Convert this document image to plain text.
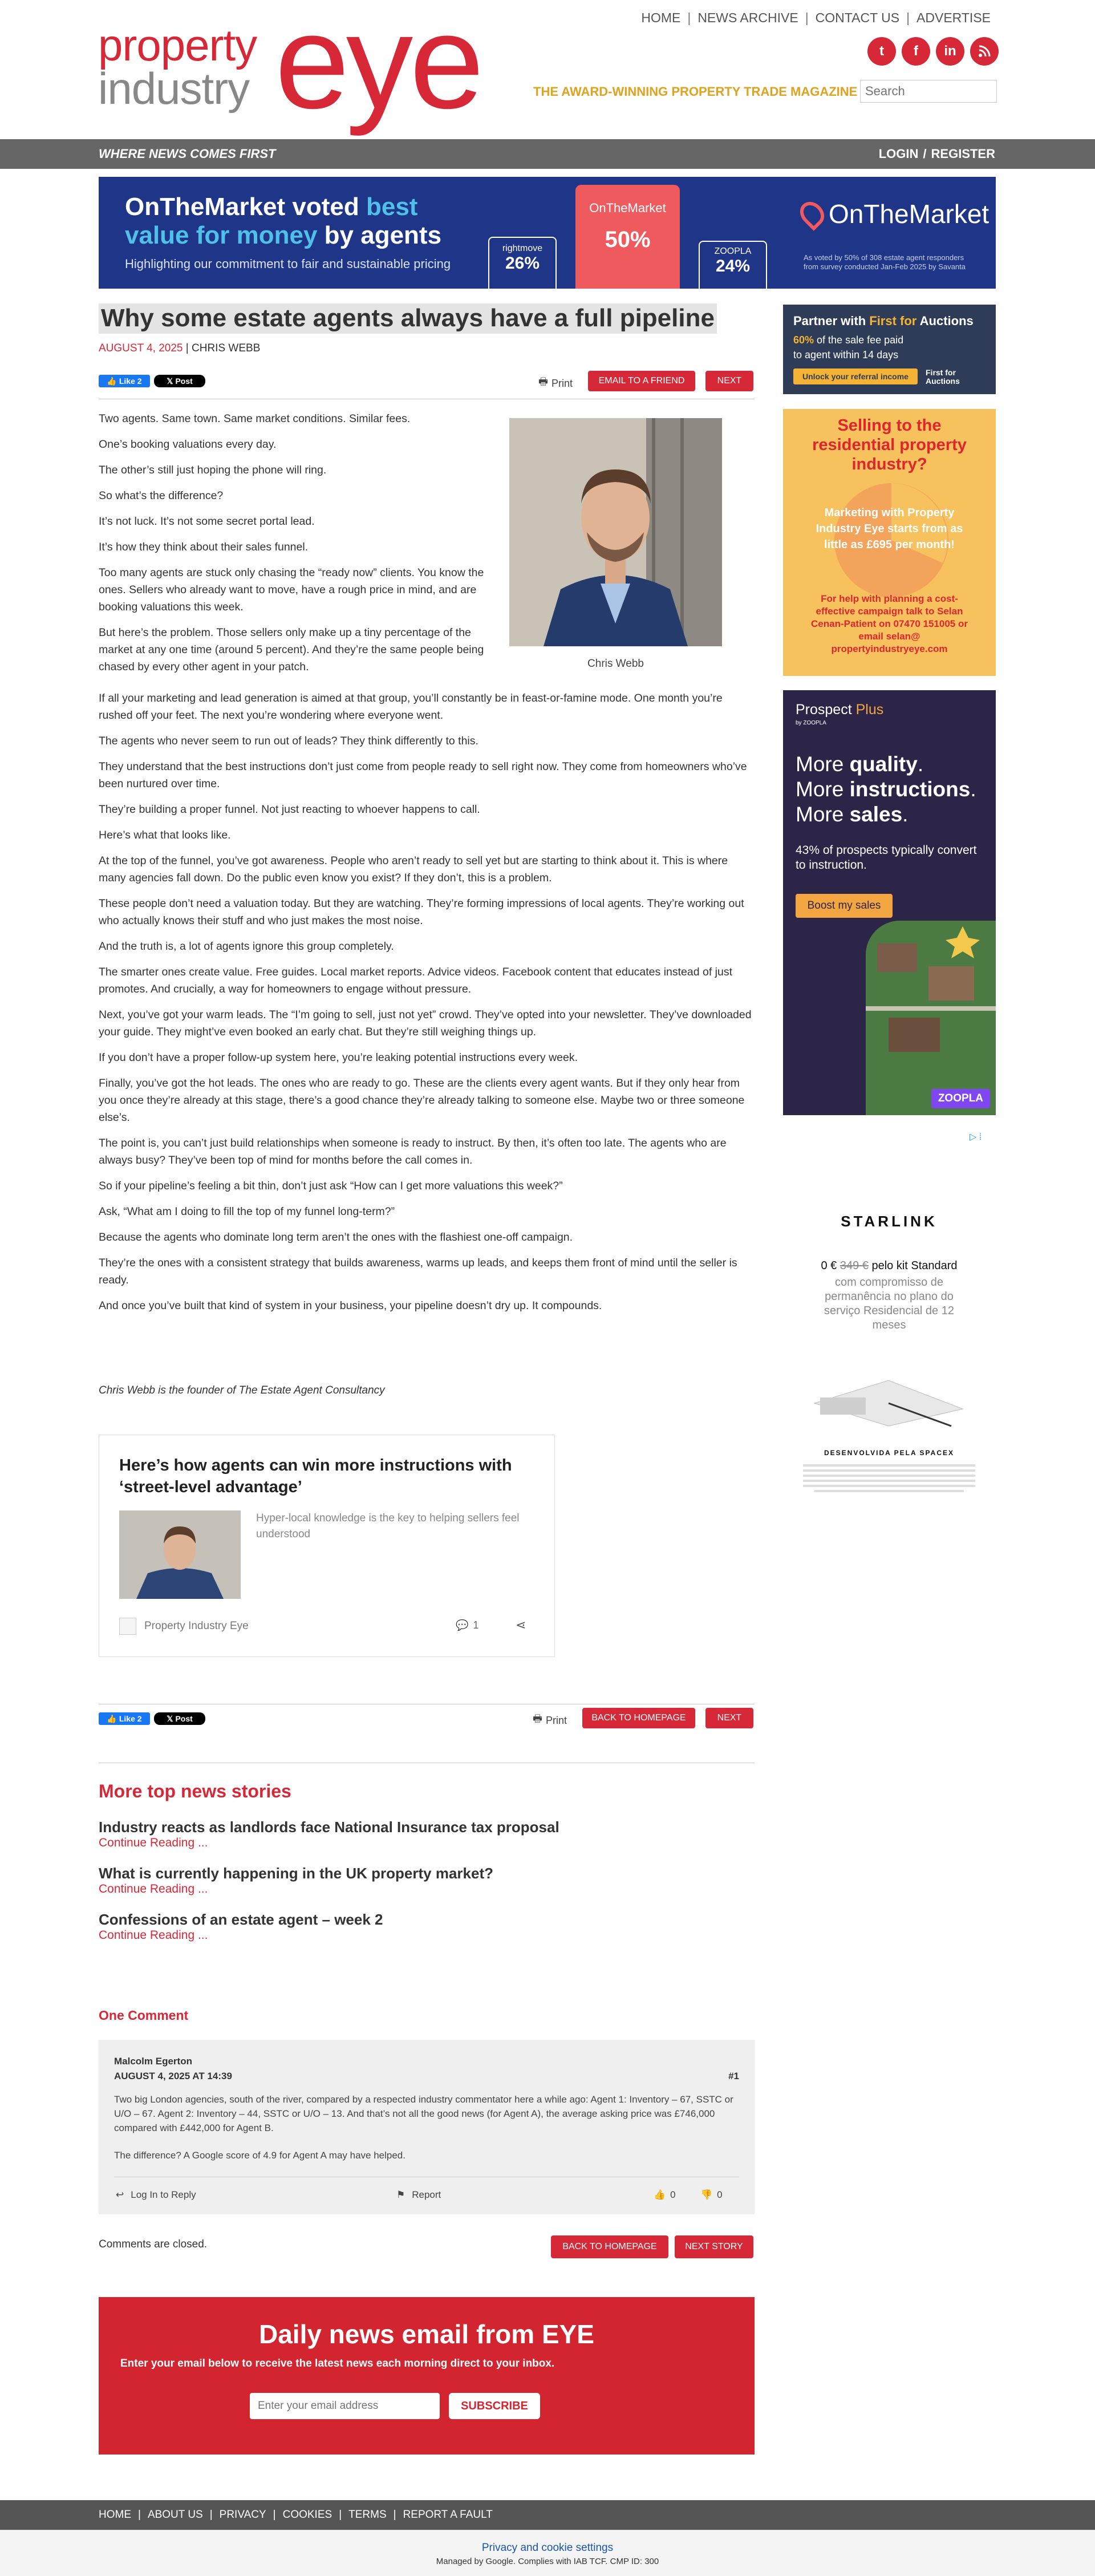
property
industry eye	HOME | NEWS ARCHIVE | CONTACT US | ADVERTISE
t	f	in
THE AWARD-WINNING PROPERTY TRADE MAGAZINE
Search
WHERE NEWS COMES FIRST	LOGIN / REGISTER
OnTheMarket voted best
value for money by agents
Highlighting our commitment to fair and sustainable pricing
rightmove
26%
OnTheMarket
50%	ZOOPLA
24%
OnTheMarket
As voted by 50% of 308 estate agent responders from survey conducted Jan-Feb 2025 by Savanta
Why some estate agents always have a full pipeline
AUGUST 4, 2025 | CHRIS WEBB
👍 Like 2	𝕏 Post	🖶 Print	EMAIL TO A FRIEND	NEXT
Chris Webb

Two agents. Same town. Same market conditions. Similar fees.

One’s booking valuations every day.

The other’s still just hoping the phone will ring.

So what’s the difference?

It’s not luck. It’s not some secret portal lead.

It’s how they think about their sales funnel.

Too many agents are stuck only chasing the “ready now” clients. You know the ones. Sellers who already want to move, have a rough price in mind, and are booking valuations this week.

But here’s the problem. Those sellers only make up a tiny percentage of the market at any one time (around 5 percent). And they’re the same people being chased by every other agent in your patch.

If all your marketing and lead generation is aimed at that group, you’ll constantly be in feast-or-famine mode. One month you’re rushed off your feet. The next you’re wondering where everyone went.

The agents who never seem to run out of leads? They think differently to this.

They understand that the best instructions don’t just come from people ready to sell right now. They come from homeowners who’ve been nurtured over time.

They’re building a proper funnel. Not just reacting to whoever happens to call.

Here’s what that looks like.

At the top of the funnel, you’ve got awareness. People who aren’t ready to sell yet but are starting to think about it. This is where many agencies fall down. Do the public even know you exist? If they don’t, this is a problem.

These people don’t need a valuation today. But they are watching. They’re forming impressions of local agents. They’re working out who actually knows their stuff and who just makes the most noise.

And the truth is, a lot of agents ignore this group completely.

The smarter ones create value. Free guides. Local market reports. Advice videos. Facebook content that educates instead of just promotes. And crucially, a way for homeowners to engage without pressure.

Next, you’ve got your warm leads. The “I’m going to sell, just not yet” crowd. They’ve opted into your newsletter. They’ve downloaded your guide. They might’ve even booked an early chat. But they’re still weighing things up.

If you don’t have a proper follow-up system here, you’re leaking potential instructions every week.

Finally, you’ve got the hot leads. The ones who are ready to go. These are the clients every agent wants. But if they only hear from you once they’re already at this stage, there’s a good chance they’re already talking to someone else. Maybe two or three someone else’s.

The point is, you can’t just build relationships when someone is ready to instruct. By then, it’s often too late. The agents who are always busy? They’ve been top of mind for months before the call comes in.

So if your pipeline’s feeling a bit thin, don’t just ask “How can I get more valuations this week?”

Ask, “What am I doing to fill the top of my funnel long-term?”

Because the agents who dominate long term aren’t the ones with the flashiest one-off campaign.

They’re the ones with a consistent strategy that builds awareness, warms up leads, and keeps them front of mind until the seller is ready.

And once you’ve built that kind of system in your business, your pipeline doesn’t dry up. It compounds.

Chris Webb is the founder of The Estate Agent Consultancy
Here’s how agents can win more instructions with ‘street-level advantage’
Hyper-local knowledge is the key to helping sellers feel understood
Property Industry Eye	💬 1	⋖
👍 Like 2	𝕏 Post	🖶 Print	BACK TO HOMEPAGE	NEXT
More top news stories
Industry reacts as landlords face National Insurance tax proposal
Continue Reading ...
What is currently happening in the UK property market?
Continue Reading ...
Confessions of an estate agent – week 2
Continue Reading ...
One Comment
Malcolm Egerton
AUGUST 4, 2025 AT 14:39	#1
Two big London agencies, south of the river, compared by a respected industry commentator here a while ago: Agent 1: Inventory – 67, SSTC or U/O – 67. Agent 2: Inventory – 44, SSTC or U/O – 13. And that’s not all the good news (for Agent A), the average asking price was £746,000 compared with £442,000 for Agent B.
The difference? A Google score of 4.9 for Agent A may have helped.
↩ Log In to Reply	⚑ Report	👍 0	👎 0
Comments are closed.	BACK TO HOMEPAGE	NEXT STORY
Daily news email from EYE
Enter your email below to receive the latest news each morning direct to your inbox.
Enter your email address
SUBSCRIBE
HOME | ABOUT US | PRIVACY | COOKIES | TERMS | REPORT A FAULT
Privacy and cookie settings
Managed by Google. Complies with IAB TCF. CMP ID: 300
Partner with First for Auctions
60% of the sale fee paid
to agent within 14 days
Unlock your referral income	First for Auctions
Selling to the residential property industry?
Marketing with Property Industry Eye starts from as little as £695 per month!
For help with planning a cost-effective campaign talk to Selan Cenan-Patient on 07470 151005 or email selan@ propertyindustryeye.com
Prospect Plus
by ZOOPLA
More quality.
More instructions.
More sales.
43% of prospects typically convert to instruction.
Boost my sales
ZOOPLA
▷ ⁞
STARLINK
0 € 349 € pelo kit Standard
com compromisso de permanência no plano do serviço Residencial de 12 meses
DESENVOLVIDA PELA SPACEX
